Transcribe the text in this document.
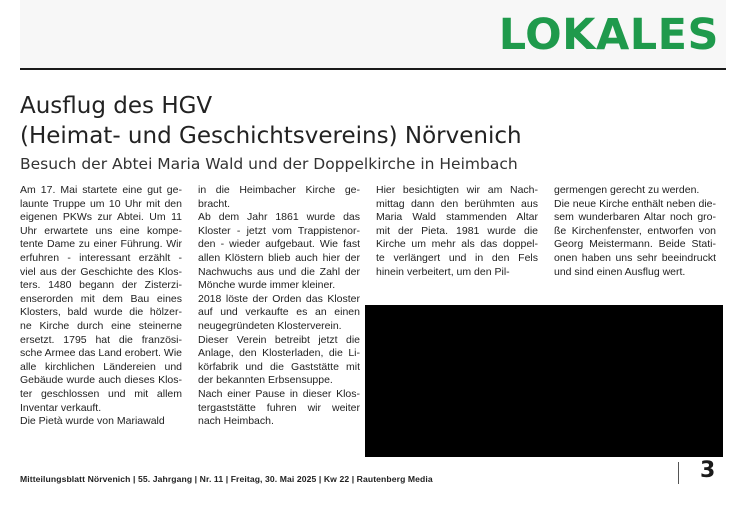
LOKALES
Ausflug des HGV
(Heimat- und Geschichtsvereins) Nörvenich
Besuch der Abtei Maria Wald und der Doppelkirche in Heimbach
Am 17. Mai startete eine gut ge-
launte Truppe um 10 Uhr mit den
eigenen PKWs zur Abtei. Um 11
Uhr erwartete uns eine kompe-
tente Dame zu einer Führung. Wir
erfuhren - interessant erzählt -
viel aus der Geschichte des Klos-
ters. 1480 begann der Zisterzi-
enserorden mit dem Bau eines
Klosters, bald wurde die hölzer-
ne Kirche durch eine steinerne
ersetzt. 1795 hat die französi-
sche Armee das Land erobert. Wie
alle kirchlichen Ländereien und
Gebäude wurde auch dieses Klos-
ter geschlossen und mit allem
Inventar verkauft.
Die Pietà wurde von Mariawald
in die Heimbacher Kirche ge-
bracht.
Ab dem Jahr 1861 wurde das
Kloster - jetzt vom Trappistenor-
den - wieder aufgebaut. Wie fast
allen Klöstern blieb auch hier der
Nachwuchs aus und die Zahl der
Mönche wurde immer kleiner.
2018 löste der Orden das Kloster
auf und verkaufte es an einen
neugegründeten Klosterverein.
Dieser Verein betreibt jetzt die
Anlage, den Klosterladen, die Li-
körfabrik und die Gaststätte mit
der bekannten Erbsensuppe.
Nach einer Pause in dieser Klos-
tergaststätte fuhren wir weiter
nach Heimbach.
Hier besichtigten wir am Nach-
mittag dann den berühmten aus
Maria Wald stammenden Altar
mit der Pieta. 1981 wurde die
Kirche um mehr als das doppel-
te verlängert und in den Fels
hinein verbeitert, um den Pil-
germengen gerecht zu werden.
Die neue Kirche enthält neben die-
sem wunderbaren Altar noch gro-
ße Kirchenfenster, entworfen von
Georg Meistermann. Beide Stati-
onen haben uns sehr beeindruckt
und sind einen Ausflug wert.
Mitteilungsblatt Nörvenich | 55. Jahrgang | Nr. 11 | Freitag, 30. Mai 2025 | Kw 22 | Rautenberg Media	3
